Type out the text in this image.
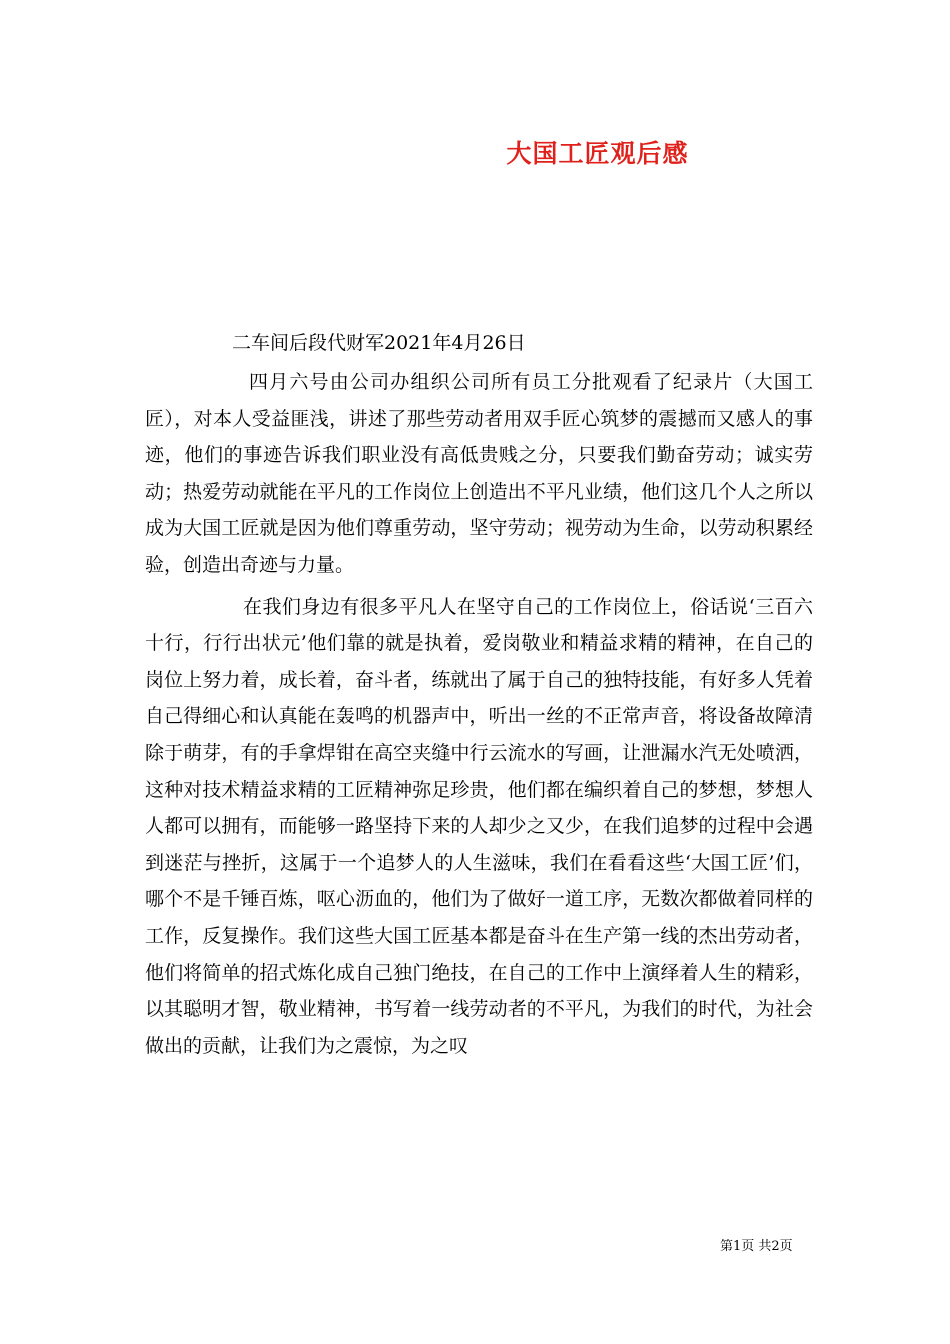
大国工匠观后感
二车间后段代财军2021年4月26日

四月六号由公司办组织公司所有员工分批观看了纪录片（大国工匠），对本人受益匪浅，讲述了那些劳动者用双手匠心筑梦的震撼而又感人的事迹，他们的事迹告诉我们职业没有高低贵贱之分，只要我们勤奋劳动；诚实劳动；热爱劳动就能在平凡的工作岗位上创造出不平凡业绩，他们这几个人之所以成为大国工匠就是因为他们尊重劳动，坚守劳动；视劳动为生命，以劳动积累经验，创造出奇迹与力量。

在我们身边有很多平凡人在坚守自己的工作岗位上，俗话说‘三百六十行，行行出状元’他们靠的就是执着，爱岗敬业和精益求精的精神，在自己的岗位上努力着，成长着，奋斗者，练就出了属于自己的独特技能，有好多人凭着自己得细心和认真能在轰鸣的机器声中，听出一丝的不正常声音，将设备故障清除于萌芽，有的手拿焊钳在高空夹缝中行云流水的写画，让泄漏水汽无处喷洒，这种对技术精益求精的工匠精神弥足珍贵，他们都在编织着自己的梦想，梦想人人都可以拥有，而能够一路坚持下来的人却少之又少，在我们追梦的过程中会遇到迷茫与挫折，这属于一个追梦人的人生滋味，我们在看看这些‘大国工匠’们，哪个不是千锤百炼，呕心沥血的，他们为了做好一道工序，无数次都做着同样的工作，反复操作。我们这些大国工匠基本都是奋斗在生产第一线的杰出劳动者，他们将简单的招式炼化成自己独门绝技，在自己的工作中上演绎着人生的精彩，以其聪明才智，敬业精神，书写着一线劳动者的不平凡，为我们的时代，为社会做出的贡献，让我们为之震惊，为之叹

第1页 共2页
